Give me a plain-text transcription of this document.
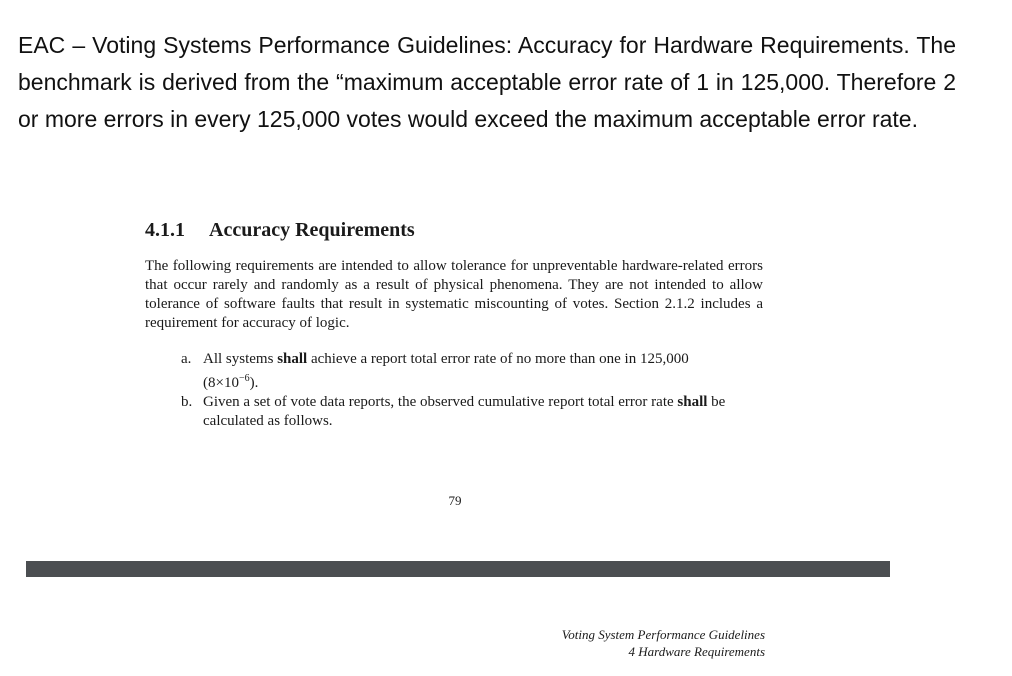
EAC – Voting Systems Performance Guidelines: Accuracy for Hardware Requirements. The benchmark is derived from the “maximum acceptable error rate of 1 in 125,000. Therefore 2 or more errors in every 125,000 votes would exceed the maximum acceptable error rate.

4.1.1 Accuracy Requirements

The following requirements are intended to allow tolerance for unpreventable hardware-related errors that occur rarely and randomly as a result of physical phenomena. They are not intended to allow tolerance of software faults that result in systematic miscounting of votes. Section 2.1.2 includes a requirement for accuracy of logic.

a. All systems shall achieve a report total error rate of no more than one in 125,000
$(8\times 10^{-6})$.
b. Given a set of vote data reports, the observed cumulative report total error rate shall be calculated as follows.
79
Voting System Performance Guidelines
4 Hardware Requirements
